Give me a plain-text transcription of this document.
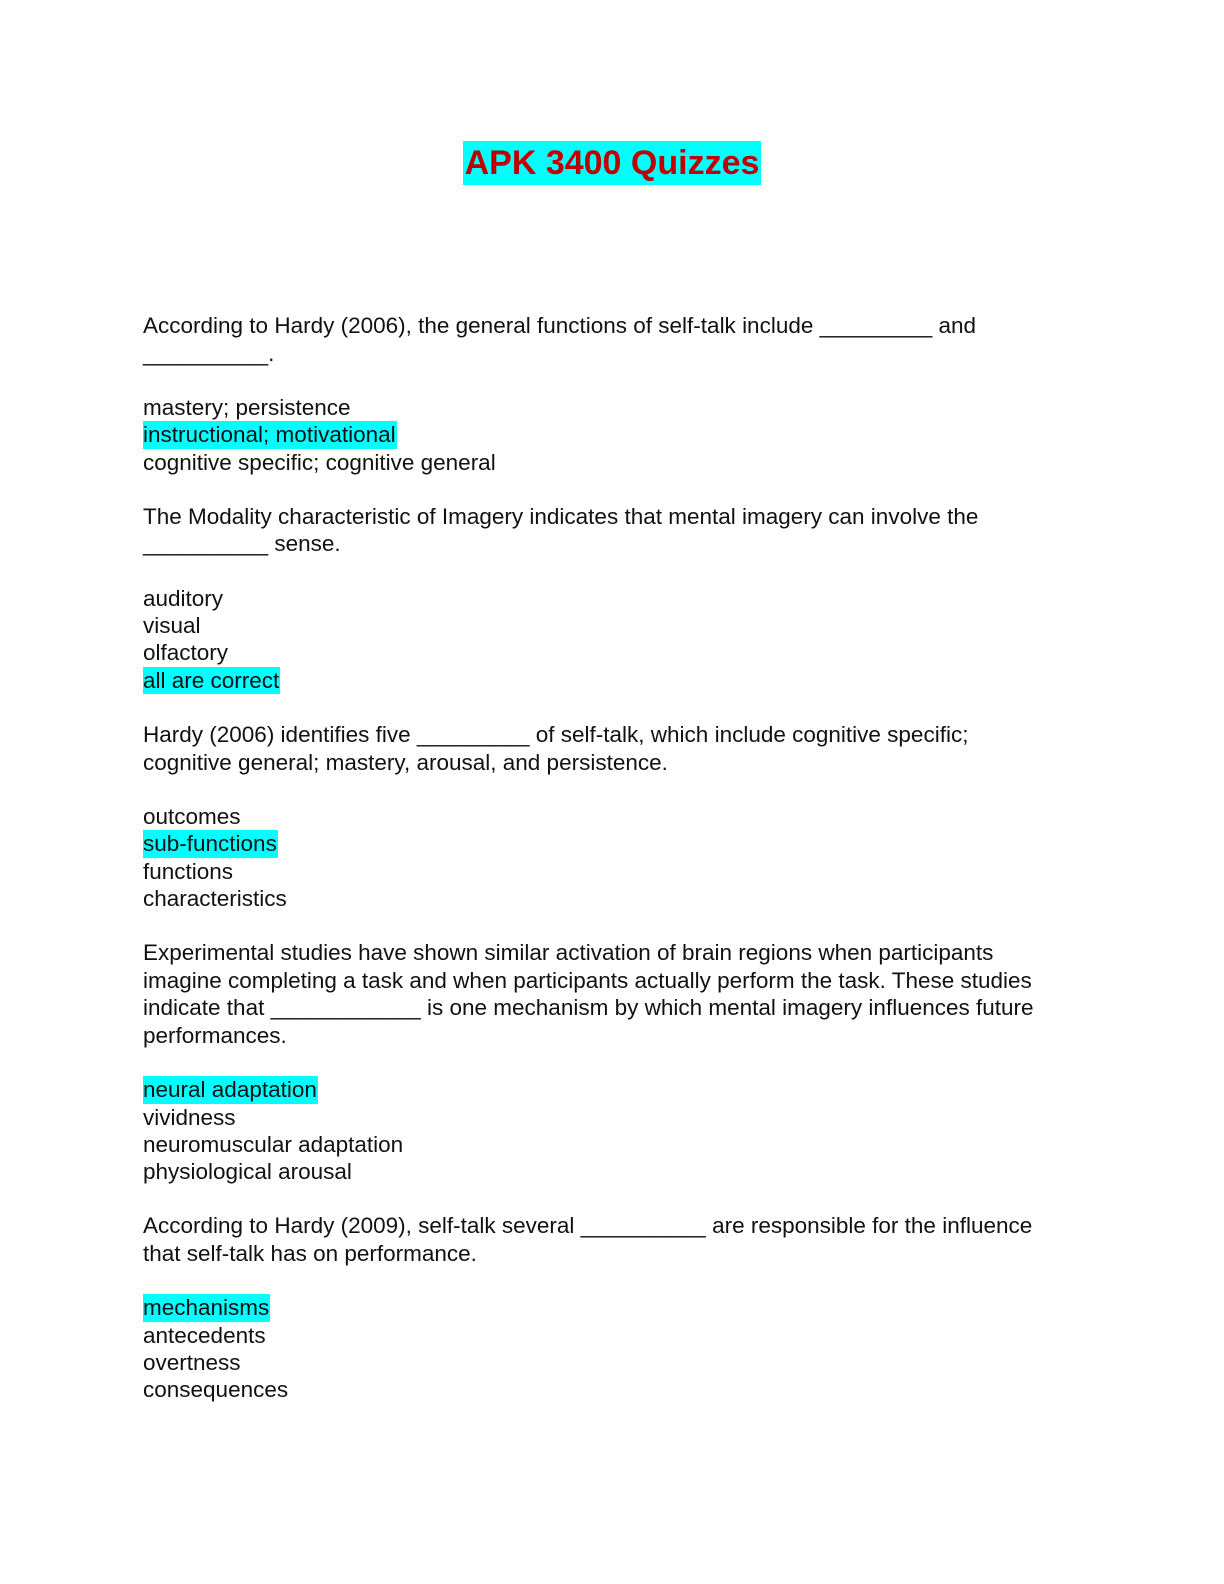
APK 3400 Quizzes

According to Hardy (2006), the general functions of self-talk include _________ and __________.

mastery; persistence
instructional; motivational
cognitive specific; cognitive general

The Modality characteristic of Imagery indicates that mental imagery can involve the __________ sense.

auditory
visual
olfactory
all are correct

Hardy (2006) identifies five _________ of self-talk, which include cognitive specific; cognitive general; mastery, arousal, and persistence.

outcomes
sub-functions
functions
characteristics

Experimental studies have shown similar activation of brain regions when participants imagine completing a task and when participants actually perform the task. These studies indicate that ____________ is one mechanism by which mental imagery influences future performances.

neural adaptation
vividness
neuromuscular adaptation
physiological arousal

According to Hardy (2009), self-talk several __________ are responsible for the influence that self-talk has on performance.

mechanisms
antecedents
overtness
consequences
